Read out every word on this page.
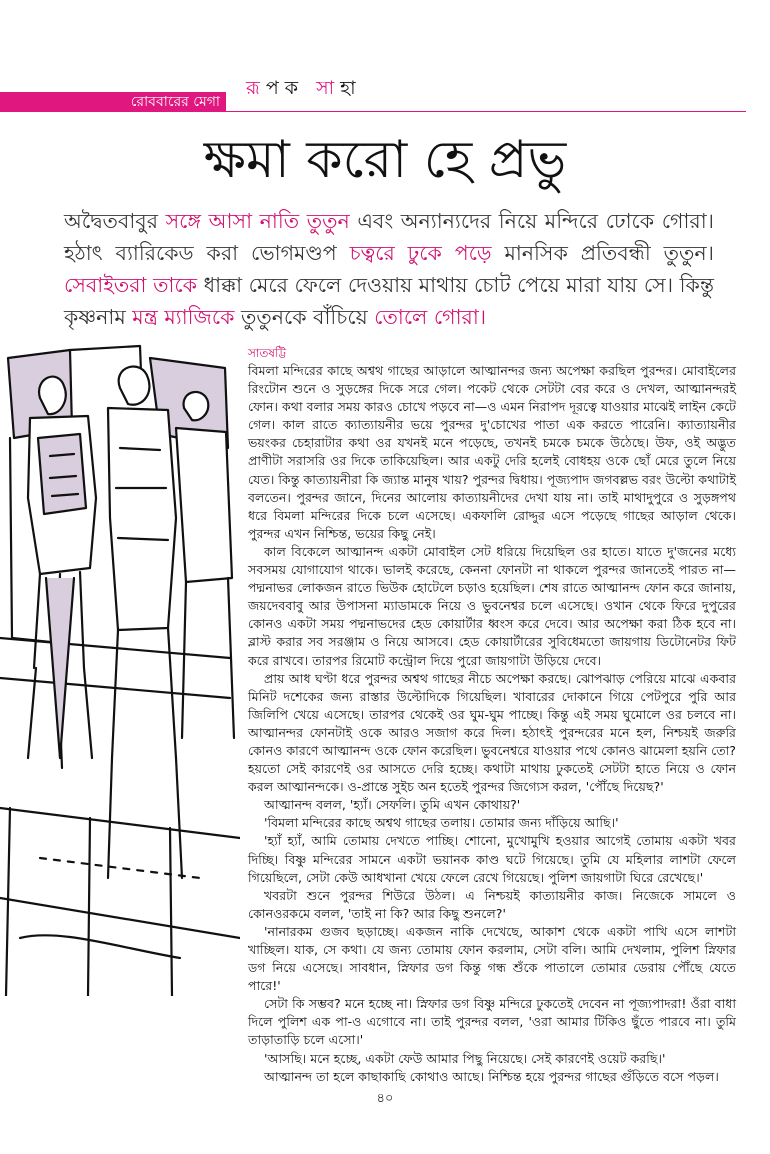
রোববারের মেগা
রূপক সাহা
ক্ষমা করো হে প্রভু
অদ্বৈতবাবুর সঙ্গে আসা নাতি তুতুন এবং অন্যান্যদের নিয়ে মন্দিরে ঢোকে গোরা। হঠাৎ ব্যারিকেড করা ভোগমণ্ডপ চত্বরে ঢুকে পড়ে মানসিক প্রতিবন্ধী তুতুন। সেবাইতরা তাকে ধাক্কা মেরে ফেলে দেওয়ায় মাথায় চোট পেয়ে মারা যায় সে। কিন্তু কৃষ্ণনাম মন্ত্র ম্যাজিকে তুতুনকে বাঁচিয়ে তোলে গোরা।
সাতষট্টি

বিমলা মন্দিরের কাছে অশ্বথ গাছের আড়ালে আত্মানন্দর জন্য অপেক্ষা করছিল পুরন্দর। মোবাইলের রিংটোন শুনে ও সুড়ঙ্গের দিকে সরে গেল। পকেট থেকে সেটটা বের করে ও দেখল, আত্মানন্দরই ফোন। কথা বলার সময় কারও চোখে পড়বে না—ও এমন নিরাপদ দূরত্বে যাওয়ার মাঝেই লাইন কেটে গেল। কাল রাতে ক্যাত্যায়নীর ভয়ে পুরন্দর দু'চোখের পাতা এক করতে পারেনি। ক্যাত্যায়নীর ভয়ংকর চেহারাটার কথা ওর যখনই মনে পড়েছে, তখনই চমকে চমকে উঠেছে। উফ, ওই অদ্ভুত প্রাণীটা সরাসরি ওর দিকে তাকিয়েছিল। আর একটু দেরি হলেই বোধহয় ওকে ছোঁ মেরে তুলে নিয়ে যেত। কিন্তু কাত্যায়নীরা কি জ্যান্ত মানুষ খায়? পুরন্দর দ্বিধায়। পূজ্যপাদ জগবল্লভ বরং উল্টো কথাটাই বলতেন। পুরন্দর জানে, দিনের আলোয় কাত্যায়নীদের দেখা যায় না। তাই মাথাদুপুরে ও সুড়ঙ্গপথ ধরে বিমলা মন্দিরের দিকে চলে এসেছে। একফালি রোদ্দুর এসে পড়েছে গাছের আড়াল থেকে। পুরন্দর এখন নিশ্চিন্ত, ভয়ের কিছু নেই।

কাল বিকেলে আত্মানন্দ একটা মোবাইল সেট ধরিয়ে দিয়েছিল ওর হাতে। যাতে দু'জনের মধ্যে সবসময় যোগাযোগ থাকে। ভালই করেছে, কেননা ফোনটা না থাকলে পুরন্দর জানতেই পারত না—পদ্মনাভর লোকজন রাতে ভিউক হোটেলে চড়াও হয়েছিল। শেষ রাতে আত্মানন্দ ফোন করে জানায়, জয়দেববাবু আর উপাসনা ম্যাডামকে নিয়ে ও ভুবনেশ্বর চলে এসেছে। ওখান থেকে ফিরে দুপুরের কোনও একটা সময় পদ্মনাভদের হেড কোয়ার্টার ধ্বংস করে দেবে। আর অপেক্ষা করা ঠিক হবে না। ব্লাস্ট করার সব সরঞ্জাম ও নিয়ে আসবে। হেড কোয়ার্টারের সুবিধেমতো জায়গায় ডিটোনেটর ফিট করে রাখবে। তারপর রিমোট কন্ট্রোল দিয়ে পুরো জায়গাটা উড়িয়ে দেবে।

প্রায় আধ ঘণ্টা ধরে পুরন্দর অশ্বথ গাছের নীচে অপেক্ষা করছে। ঝোপঝাড় পেরিয়ে মাঝে একবার মিনিট দশেকের জন্য রাস্তার উল্টোদিকে গিয়েছিল। খাবারের দোকানে গিয়ে পেটপুরে পুরি আর জিলিপি খেয়ে এসেছে। তারপর থেকেই ওর ঘুম-ঘুম পাচ্ছে। কিন্তু এই সময় ঘুমোলে ওর চলবে না। আত্মানন্দর ফোনটাই ওকে আরও সজাগ করে দিল। হঠাৎই পুরন্দরের মনে হল, নিশ্চয়ই জরুরি কোনও কারণে আত্মানন্দ ওকে ফোন করেছিল। ভুবনেশ্বরে যাওয়ার পথে কোনও ঝামেলা হয়নি তো? হয়তো সেই কারণেই ওর আসতে দেরি হচ্ছে। কথাটা মাথায় ঢুকতেই সেটটা হাতে নিয়ে ও ফোন করল আত্মানন্দকে। ও-প্রান্তে সুইচ অন হতেই পুরন্দর জিগ্যেস করল, 'পৌঁছে দিয়েছ?'

আত্মানন্দ বলল, 'হ্যাঁ। সেফলি। তুমি এখন কোথায়?'

'বিমলা মন্দিরের কাছে অশ্বথ গাছের তলায়। তোমার জন্য দাঁড়িয়ে আছি।'

'হ্যাঁ হ্যাঁ, আমি তোমায় দেখতে পাচ্ছি। শোনো, মুখোমুখি হওয়ার আগেই তোমায় একটা খবর দিচ্ছি। বিষ্ণু মন্দিরের সামনে একটা ভয়ানক কাণ্ড ঘটে গিয়েছে। তুমি যে মহিলার লাশটা ফেলে গিয়েছিলে, সেটা কেউ আধখানা খেয়ে ফেলে রেখে গিয়েছে। পুলিশ জায়গাটা ঘিরে রেখেছে।'

খবরটা শুনে পুরন্দর শিউরে উঠল। এ নিশ্চয়ই কাত্যায়নীর কাজ। নিজেকে সামলে ও কোনওরকমে বলল, 'তাই না কি? আর কিছু শুনলে?'

'নানারকম গুজব ছড়াচ্ছে। একজন নাকি দেখেছে, আকাশ থেকে একটা পাখি এসে লাশটা খাচ্ছিল। যাক, সে কথা। যে জন্য তোমায় ফোন করলাম, সেটা বলি। আমি দেখলাম, পুলিশ স্নিফার ডগ নিয়ে এসেছে। সাবধান, স্নিফার ডগ কিন্তু গন্ধ শুঁকে পাতালে তোমার ডেরায় পৌঁছে যেতে পারে!'

সেটা কি সম্ভব? মনে হচ্ছে না। স্নিফার ডগ বিষ্ণু মন্দিরে ঢুকতেই দেবেন না পূজ্যপাদরা! ওঁরা বাধা দিলে পুলিশ এক পা-ও এগোবে না। তাই পুরন্দর বলল, 'ওরা আমার টিকিও ছুঁতে পারবে না। তুমি তাড়াতাড়ি চলে এসো।'

'আসছি। মনে হচ্ছে, একটা ফেউ আমার পিছু নিয়েছে। সেই কারণেই ওয়েট করছি।'

আত্মানন্দ তা হলে কাছাকাছি কোথাও আছে। নিশ্চিন্ত হয়ে পুরন্দর গাছের গুঁড়িতে বসে পড়ল।

৪০
